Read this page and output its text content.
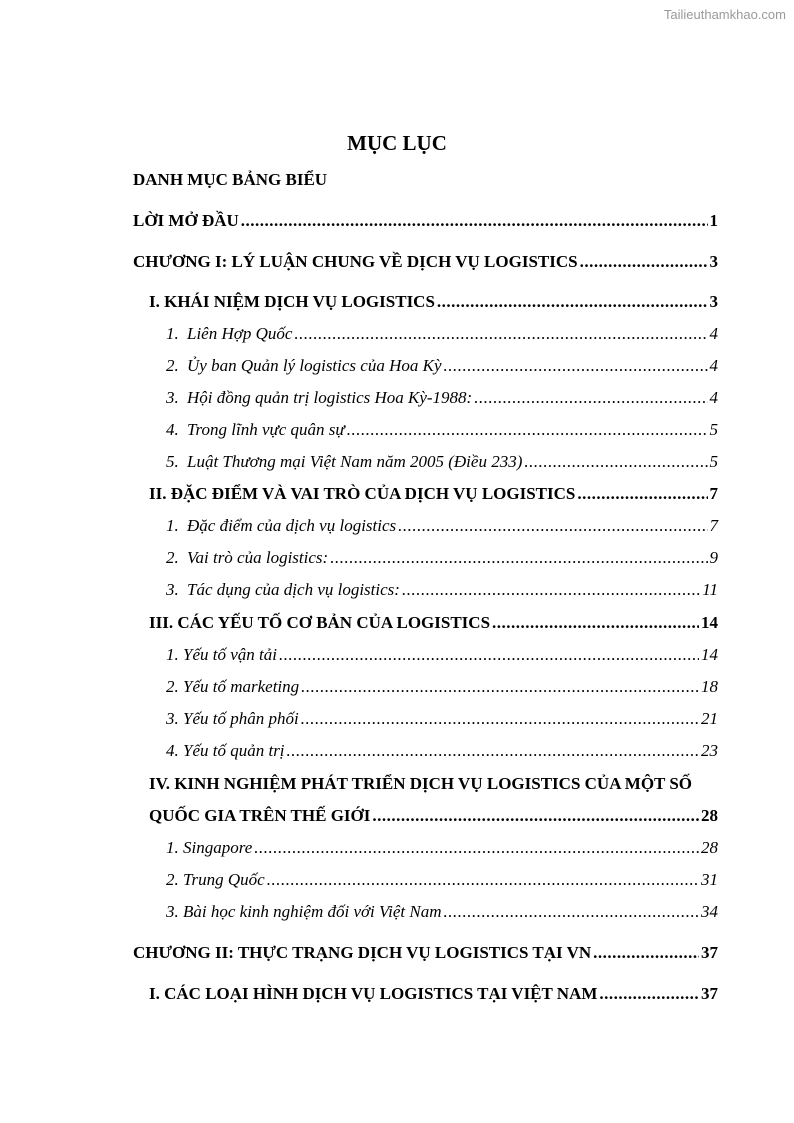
Tailieuthamkhao.com
MỤC LỤC
DANH MỤC BẢNG BIỂU
LỜI MỞ ĐẦU .....	1
CHƯƠNG I: LÝ LUẬN CHUNG VỀ DỊCH VỤ LOGISTICS .....	3
I. KHÁI NIỆM DỊCH VỤ LOGISTICS .....	3
1. Liên Hợp Quốc .....	4
2. Ủy ban Quản lý logistics của Hoa Kỳ .....	4
3. Hội đồng quản trị logistics Hoa Kỳ-1988: .....	4
4. Trong lĩnh vực quân sự .....	5
5. Luật Thương mại Việt Nam năm 2005 (Điều 233) .....	5
II. ĐẶC ĐIỂM VÀ VAI TRÒ CỦA DỊCH VỤ LOGISTICS .....	7
1. Đặc điểm của dịch vụ logistics .....	7
2. Vai trò của logistics: .....	9
3. Tác dụng của dịch vụ logistics: .....	11
III. CÁC YẾU TỐ CƠ BẢN CỦA LOGISTICS .....	14
1. Yếu tố vận tải .....	14
2. Yếu tố marketing .....	18
3. Yếu tố phân phối .....	21
4. Yếu tố quản trị .....	23
IV. KINH NGHIỆM PHÁT TRIỂN DỊCH VỤ LOGISTICS CỦA MỘT SỐ
QUỐC GIA TRÊN THẾ GIỚI .....	28
1. Singapore .....	28
2. Trung Quốc .....	31
3. Bài học kinh nghiệm đối với Việt Nam .....	34
CHƯƠNG II: THỰC TRẠNG DỊCH VỤ LOGISTICS TẠI VN .....	37
I. CÁC LOẠI HÌNH DỊCH VỤ LOGISTICS TẠI VIỆT NAM .....	37
